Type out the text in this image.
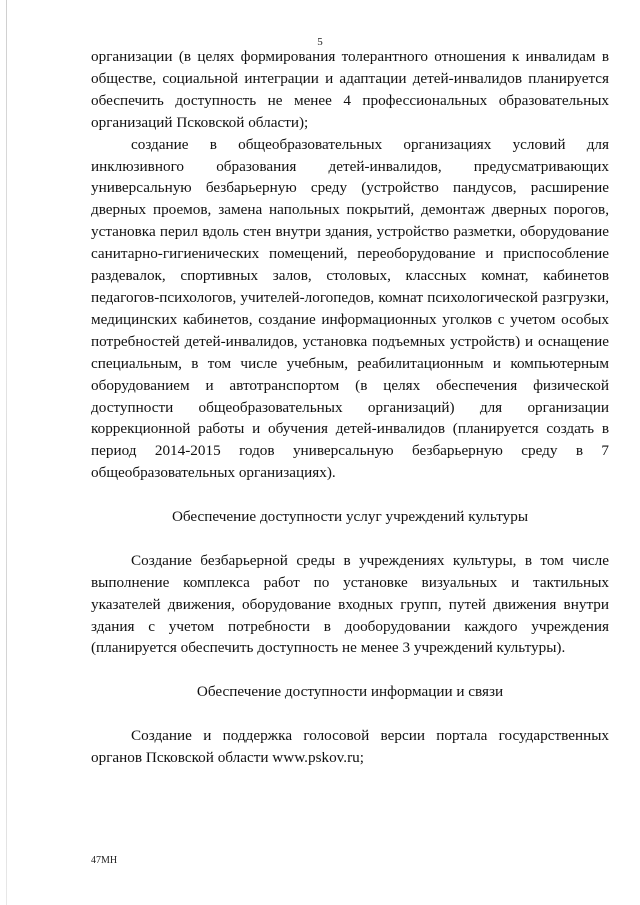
5

организации (в целях формирования толерантного отношения к инвалидам в обществе, социальной интеграции и адаптации детей-инвалидов планируется обеспечить доступность не менее 4 профессиональных образовательных организаций Псковской области);

создание в общеобразовательных организациях условий для инклюзивного образования детей-инвалидов, предусматривающих универсальную безбарьерную среду (устройство пандусов, расширение дверных проемов, замена напольных покрытий, демонтаж дверных порогов, установка перил вдоль стен внутри здания, устройство разметки, оборудование санитарно-гигиенических помещений, переоборудование и приспособление раздевалок, спортивных залов, столовых, классных комнат, кабинетов педагогов-психологов, учителей-логопедов, комнат психологической разгрузки, медицинских кабинетов, создание информационных уголков с учетом особых потребностей детей-инвалидов, установка подъемных устройств) и оснащение специальным, в том числе учебным, реабилитационным и компьютерным оборудованием и автотранспортом (в целях обеспечения физической доступности общеобразовательных организаций) для организации коррекционной работы и обучения детей-инвалидов (планируется создать в период 2014-2015 годов универсальную безбарьерную среду в 7 общеобразовательных организациях).

Обеспечение доступности услуг учреждений культуры

Создание безбарьерной среды в учреждениях культуры, в том числе выполнение комплекса работ по установке визуальных и тактильных указателей движения, оборудование входных групп, путей движения внутри здания с учетом потребности в дооборудовании каждого учреждения (планируется обеспечить доступность не менее 3 учреждений культуры).

Обеспечение доступности информации и связи

Создание и поддержка голосовой версии портала государственных органов Псковской области www.pskov.ru;

47МН
